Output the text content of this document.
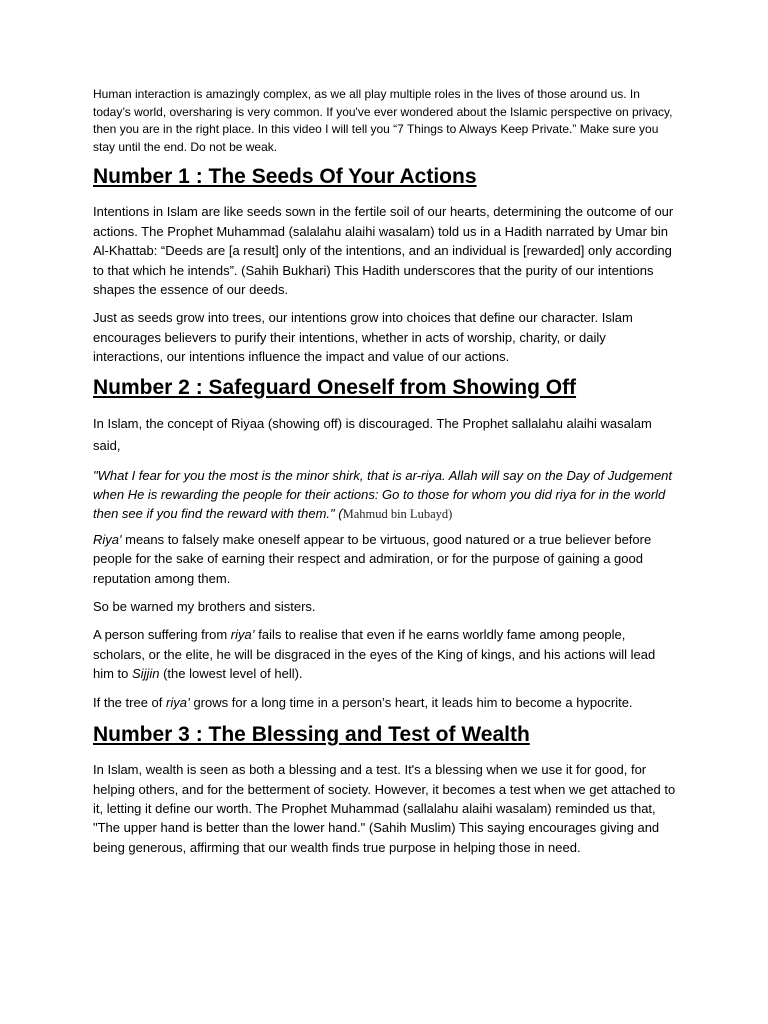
Human interaction is amazingly complex, as we all play multiple roles in the lives of those around us. In today’s world, oversharing is very common. If you've ever wondered about the Islamic perspective on privacy, then you are in the right place. In this video I will tell you “7 Things to Always Keep Private.” Make sure you stay until the end. Do not be weak.

Number 1 : The Seeds Of Your Actions

Intentions in Islam are like seeds sown in the fertile soil of our hearts, determining the outcome of our actions. The Prophet Muhammad (salalahu alaihi wasalam) told us in a Hadith narrated by Umar bin Al-Khattab: “Deeds are [a result] only of the intentions, and an individual is [rewarded] only according to that which he intends”. (Sahih Bukhari) This Hadith underscores that the purity of our intentions shapes the essence of our deeds.

Just as seeds grow into trees, our intentions grow into choices that define our character. Islam encourages believers to purify their intentions, whether in acts of worship, charity, or daily interactions, our intentions influence the impact and value of our actions.

Number 2 : Safeguard Oneself from Showing Off

In Islam, the concept of Riyaa (showing off) is discouraged. The Prophet sallalahu alaihi wasalam said,

"What I fear for you the most is the minor shirk, that is ar-riya. Allah will say on the Day of Judgement when He is rewarding the people for their actions: Go to those for whom you did riya for in the world then see if you find the reward with them." (Mahmud bin Lubayd)

Riya' means to falsely make oneself appear to be virtuous, good natured or a true believer before people for the sake of earning their respect and admiration, or for the purpose of gaining a good reputation among them.

So be warned my brothers and sisters.

A person suffering from riya’ fails to realise that even if he earns worldly fame among people, scholars, or the elite, he will be disgraced in the eyes of the King of kings, and his actions will lead him to Sijjin (the lowest level of hell).

If the tree of riya’ grows for a long time in a person’s heart, it leads him to become a hypocrite.

Number 3 : The Blessing and Test of Wealth

In Islam, wealth is seen as both a blessing and a test. It's a blessing when we use it for good, for helping others, and for the betterment of society. However, it becomes a test when we get attached to it, letting it define our worth. The Prophet Muhammad (sallalahu alaihi wasalam) reminded us that, "The upper hand is better than the lower hand." (Sahih Muslim) This saying encourages giving and being generous, affirming that our wealth finds true purpose in helping those in need.
